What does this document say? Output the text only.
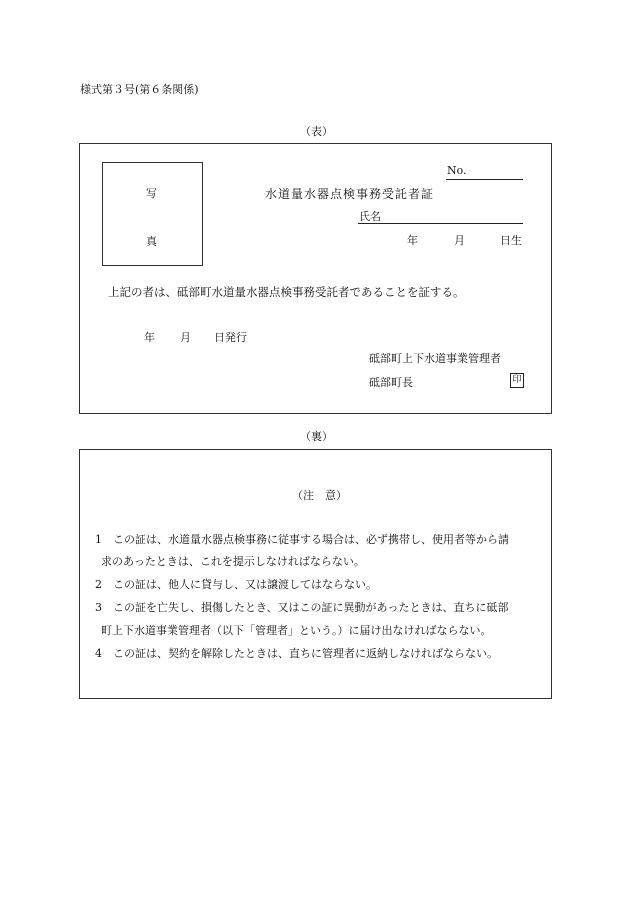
様式第３号(第６条関係)
（表）
写
真
No.
水道量水器点検事務受託者証
氏名
年	月	日生
上記の者は、砥部町水道量水器点検事務受託者であることを証する。
年 月 日発行
砥部町上下水道事業管理者
砥部町長	印
（裏）
（注　意）
1　この証は、水道量水器点検事務に従事する場合は、必ず携帯し、使用者等から請
求のあったときは、これを提示しなければならない。
2　この証は、他人に貸与し、又は譲渡してはならない。
3　この証を亡失し、損傷したとき、又はこの証に異動があったときは、直ちに砥部
町上下水道事業管理者（以下「管理者」という。）に届け出なければならない。
4　この証は、契約を解除したときは、直ちに管理者に返納しなければならない。
